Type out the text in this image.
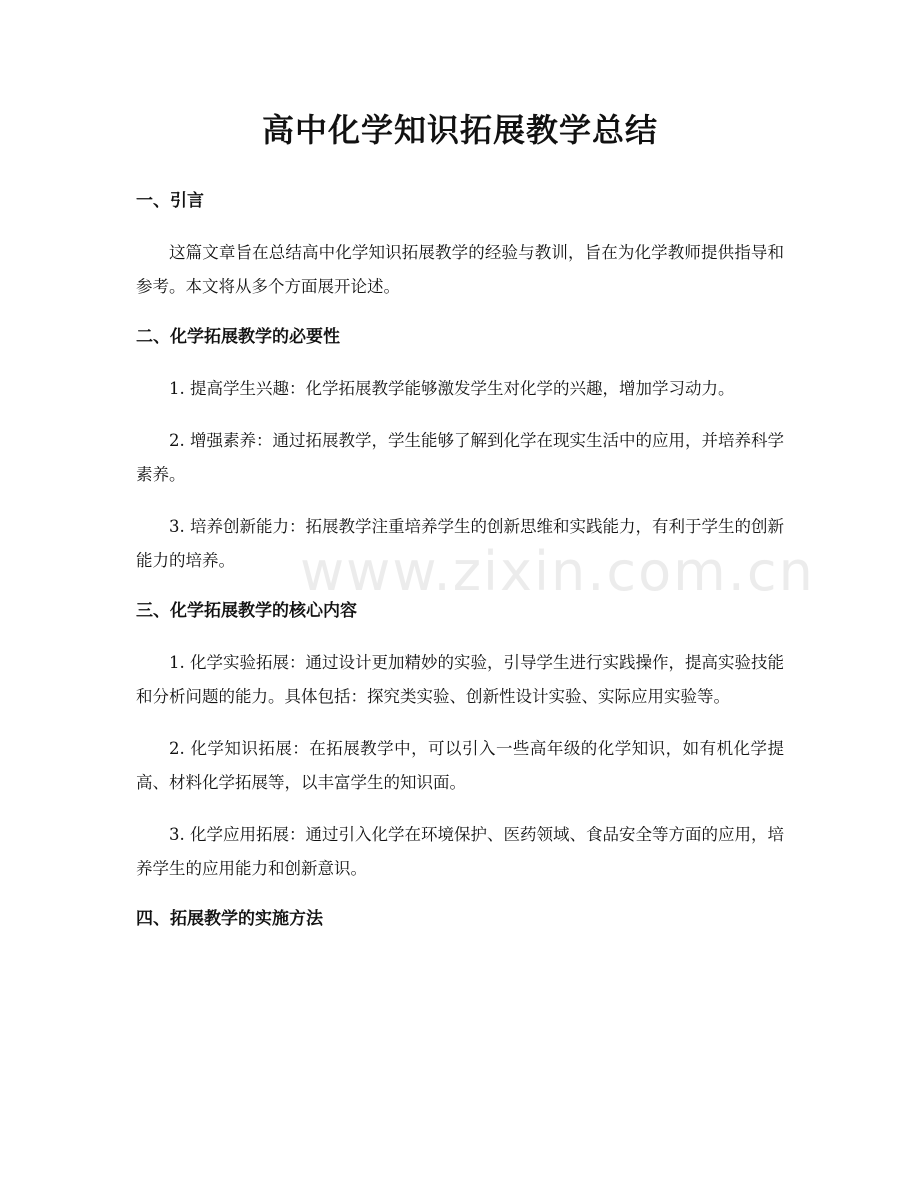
高中化学知识拓展教学总结
一、引言

这篇文章旨在总结高中化学知识拓展教学的经验与教训，旨在为化学教师提供指导和参考。本文将从多个方面展开论述。

二、化学拓展教学的必要性

1. 提高学生兴趣：化学拓展教学能够激发学生对化学的兴趣，增加学习动力。

2. 增强素养：通过拓展教学，学生能够了解到化学在现实生活中的应用，并培养科学素养。

3. 培养创新能力：拓展教学注重培养学生的创新思维和实践能力，有利于学生的创新能力的培养。

三、化学拓展教学的核心内容

1. 化学实验拓展：通过设计更加精妙的实验，引导学生进行实践操作，提高实验技能和分析问题的能力。具体包括：探究类实验、创新性设计实验、实际应用实验等。

2. 化学知识拓展：在拓展教学中，可以引入一些高年级的化学知识，如有机化学提高、材料化学拓展等，以丰富学生的知识面。

3. 化学应用拓展：通过引入化学在环境保护、医药领域、食品安全等方面的应用，培养学生的应用能力和创新意识。

四、拓展教学的实施方法
www.zixin.com.cn
